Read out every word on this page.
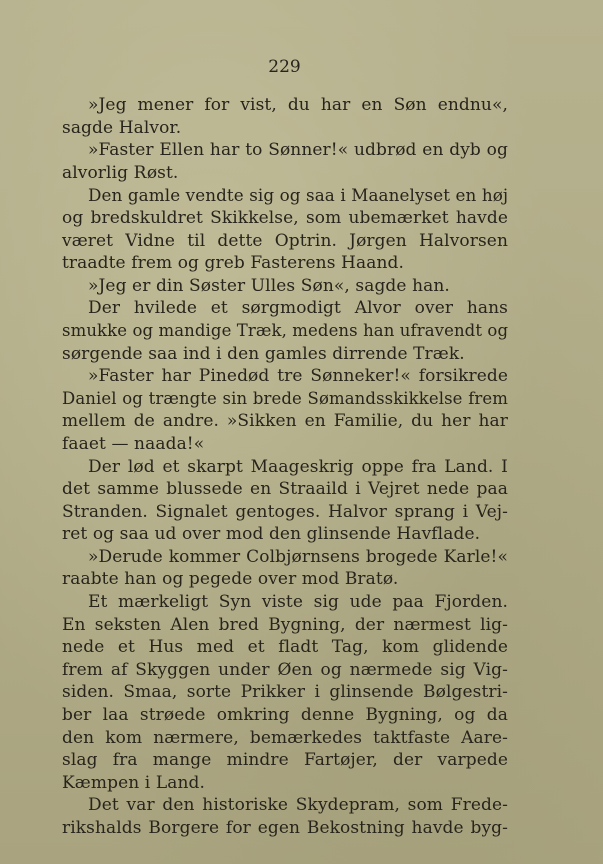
229
»Jeg mener for vist, du har en Søn endnu«,
sagde Halvor.
»Faster Ellen har to Sønner!« udbrød en dyb og
alvorlig Røst.
Den gamle vendte sig og saa i Maanelyset en høj
og bredskuldret Skikkelse, som ubemærket havde
været Vidne til dette Optrin. Jørgen Halvorsen
traadte frem og greb Fasterens Haand.
»Jeg er din Søster Ulles Søn«, sagde han.
Der hvilede et sørgmodigt Alvor over hans
smukke og mandige Træk, medens han ufravendt og
sørgende saa ind i den gamles dirrende Træk.
»Faster har Pinedød tre Sønneker!« forsikrede
Daniel og trængte sin brede Sømandsskikkelse frem
mellem de andre. »Sikken en Familie, du her har
faaet — naada!«
Der lød et skarpt Maageskrig oppe fra Land. I
det samme blussede en Straaild i Vejret nede paa
Stranden. Signalet gentoges. Halvor sprang i Vej-
ret og saa ud over mod den glinsende Havflade.
»Derude kommer Colbjørnsens brogede Karle!«
raabte han og pegede over mod Bratø.
Et mærkeligt Syn viste sig ude paa Fjorden.
En seksten Alen bred Bygning, der nærmest lig-
nede et Hus med et fladt Tag, kom glidende
frem af Skyggen under Øen og nærmede sig Vig-
siden. Smaa, sorte Prikker i glinsende Bølgestri-
ber laa strøede omkring denne Bygning, og da
den kom nærmere, bemærkedes taktfaste Aare-
slag fra mange mindre Fartøjer, der varpede
Kæmpen i Land.
Det var den historiske Skydepram, som Frede-
rikshalds Borgere for egen Bekostning havde byg-
